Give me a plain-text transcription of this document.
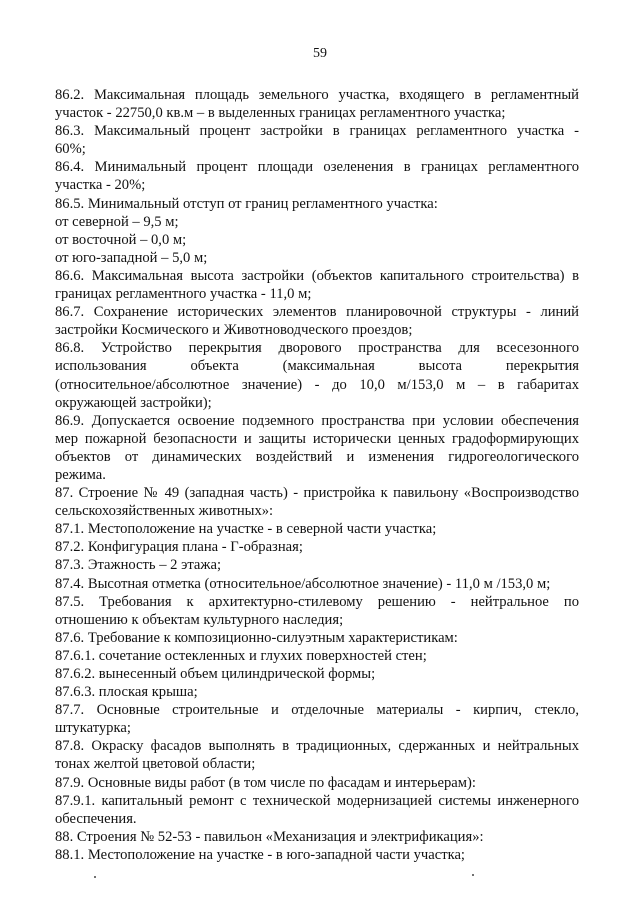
59
86.2. Максимальная площадь земельного участка, входящего в регламентный
участок - 22750,0 кв.м – в выделенных границах регламентного участка;
86.3. Максимальный процент застройки в границах регламентного участка -
60%;
86.4. Минимальный процент площади озеленения в границах регламентного
участка - 20%;
86.5. Минимальный отступ от границ регламентного участка:
от северной – 9,5 м;
от восточной – 0,0 м;
от юго-западной – 5,0 м;
86.6. Максимальная высота застройки (объектов капитального строительства) в
границах регламентного участка - 11,0 м;
86.7. Сохранение исторических элементов планировочной структуры - линий
застройки Космического и Животноводческого проездов;
86.8. Устройство перекрытия дворового пространства для всесезонного
использования объекта (максимальная высота перекрытия
(относительное/абсолютное значение) - до 10,0 м/153,0 м – в габаритах
окружающей застройки);
86.9. Допускается освоение подземного пространства при условии обеспечения
мер пожарной безопасности и защиты исторически ценных градоформирующих
объектов от динамических воздействий и изменения гидрогеологического
режима.
87. Строение № 49 (западная часть) - пристройка к павильону «Воспроизводство
сельскохозяйственных животных»:
87.1. Местоположение на участке - в северной части участка;
87.2. Конфигурация плана - Г-образная;
87.3. Этажность – 2 этажа;
87.4. Высотная отметка (относительное/абсолютное значение) - 11,0 м /153,0 м;
87.5. Требования к архитектурно-стилевому решению - нейтральное по
отношению к объектам культурного наследия;
87.6. Требование к композиционно-силуэтным характеристикам:
87.6.1. сочетание остекленных и глухих поверхностей стен;
87.6.2. вынесенный объем цилиндрической формы;
87.6.3. плоская крыша;
87.7. Основные строительные и отделочные материалы - кирпич, стекло,
штукатурка;
87.8. Окраску фасадов выполнять в традиционных, сдержанных и нейтральных
тонах желтой цветовой области;
87.9. Основные виды работ (в том числе по фасадам и интерьерам):
87.9.1. капитальный ремонт с технической модернизацией системы инженерного
обеспечения.
88. Строения № 52-53 - павильон «Механизация и электрификация»:
88.1. Местоположение на участке - в юго-западной части участка;
